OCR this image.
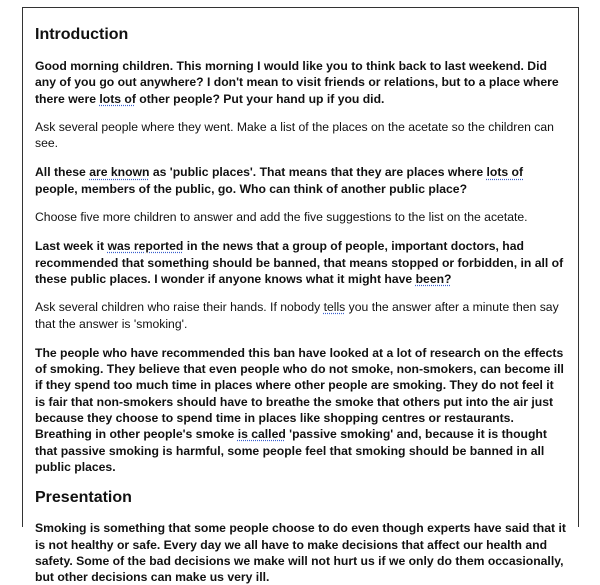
Introduction

Good morning children. This morning I would like you to think back to last weekend. Did any of you go out anywhere? I don't mean to visit friends or relations, but to a place where there were lots of other people? Put your hand up if you did.

Ask several people where they went. Make a list of the places on the acetate so the children can see.

All these are known as 'public places'. That means that they are places where lots of people, members of the public, go. Who can think of another public place?

Choose five more children to answer and add the five suggestions to the list on the acetate.

Last week it was reported in the news that a group of people, important doctors, had recommended that something should be banned, that means stopped or forbidden, in all of these public places. I wonder if anyone knows what it might have been?

Ask several children who raise their hands. If nobody tells you the answer after a minute then say that the answer is 'smoking'.

The people who have recommended this ban have looked at a lot of research on the effects of smoking. They believe that even people who do not smoke, non-smokers, can become ill if they spend too much time in places where other people are smoking. They do not feel it is fair that non-smokers should have to breathe the smoke that others put into the air just because they choose to spend time in places like shopping centres or restaurants. Breathing in other people's smoke is called 'passive smoking' and, because it is thought that passive smoking is harmful, some people feel that smoking should be banned in all public places.

Presentation

Smoking is something that some people choose to do even though experts have said that it is not healthy or safe. Every day we all have to make decisions that affect our health and safety. Some of the bad decisions we make will not hurt us if we only do them occasionally, but other decisions can make us very ill.
